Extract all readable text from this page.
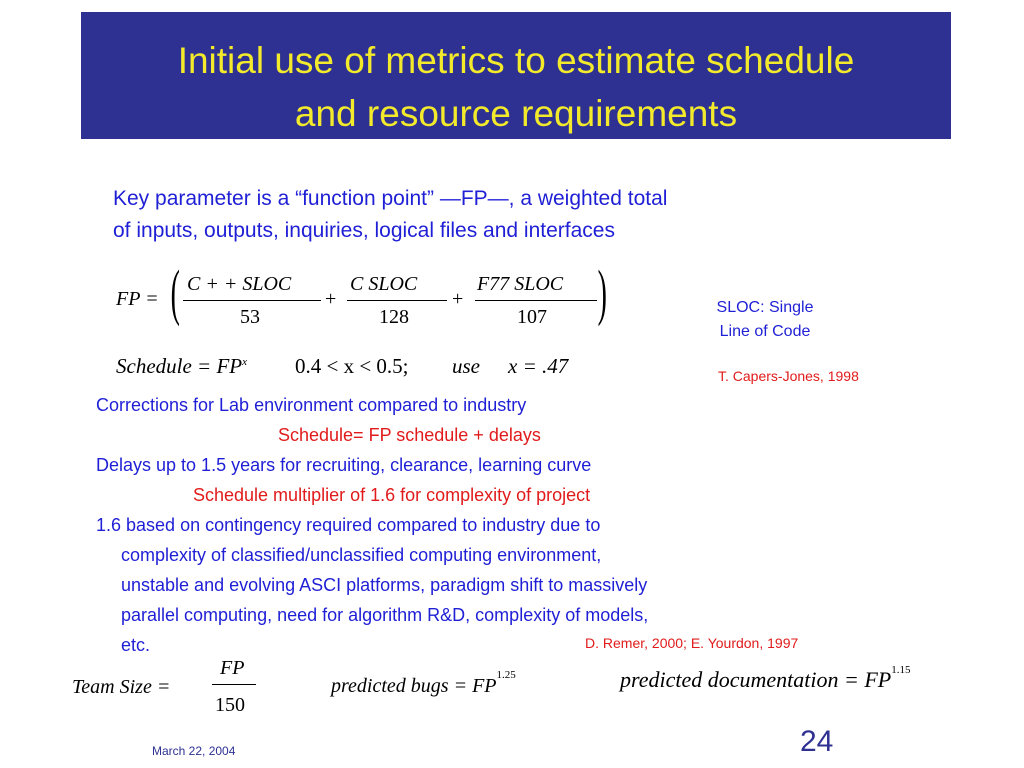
Initial use of metrics to estimate schedule
and resource requirements
Key parameter is a “function point” —FP—, a weighted total
of inputs, outputs, inquiries, logical files and interfaces
FP = ( C + + SLOC
53
+
C SLOC
128
+
F77 SLOC
107 )	SLOC: Single
Line of Code
Schedule = $FP^x$ 0.4 < x < 0.5; use x = .47	T. Capers-Jones, 1998
Corrections for Lab environment compared to industry
Schedule= FP schedule + delays
Delays up to 1.5 years for recruiting, clearance, learning curve
Schedule multiplier of 1.6 for complexity of project
1.6 based on contingency required compared to industry due to
complexity of classified/unclassified computing environment,
unstable and evolving ASCI platforms, paradigm shift to massively
parallel computing, need for algorithm R&D, complexity of models,
etc.	D. Remer, 2000; E. Yourdon, 1997
Team Size =
FP
150
predicted bugs = $FP^{1.25}$	predicted documentation = $FP^{1.15}$
March 22, 2004	24
